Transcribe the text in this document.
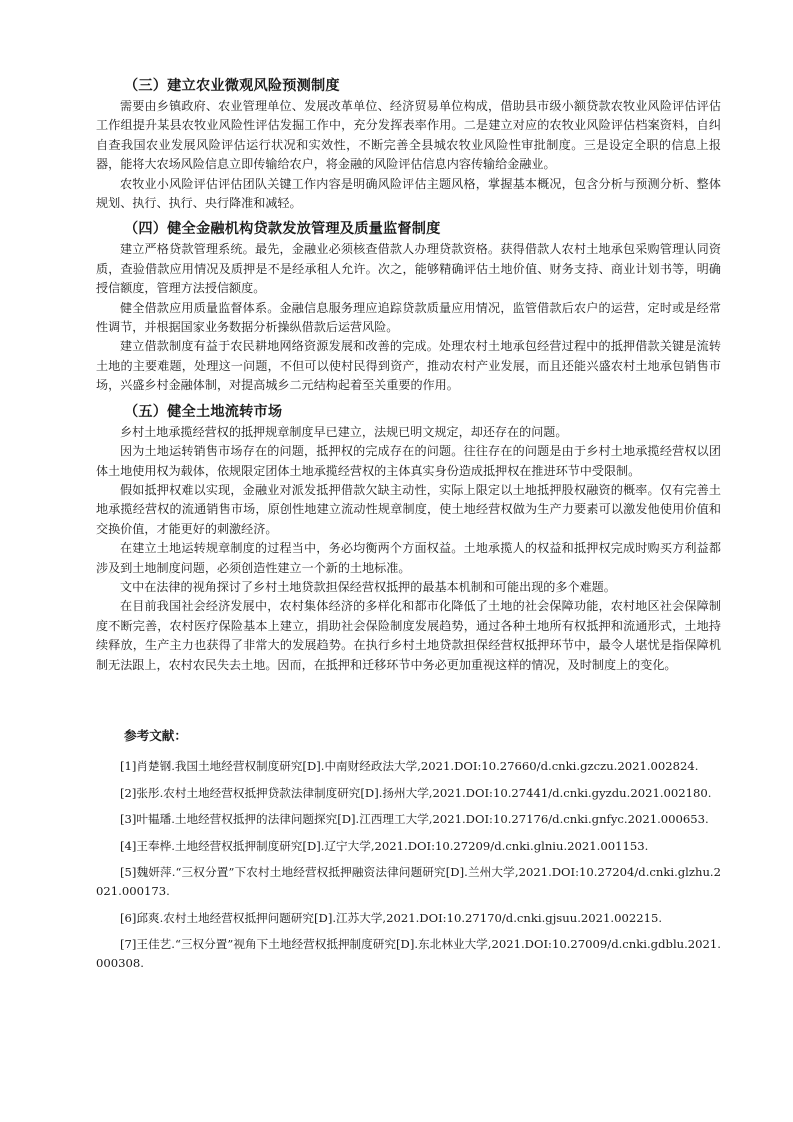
（三）建立农业微观风险预测制度

需要由乡镇政府、农业管理单位、发展改革单位、经济贸易单位构成，借助县市级小额贷款农牧业风险评估评估工作组提升某县农牧业风险性评估发掘工作中，充分发挥表率作用。二是建立对应的农牧业风险评估档案资料，自纠自查我国农业发展风险评估运行状况和实效性，不断完善全县城农牧业风险性审批制度。三是设定全职的信息上报器，能将大农场风险信息立即传输给农户，将金融的风险评估信息内容传输给金融业。

农牧业小风险评估评估团队关键工作内容是明确风险评估主题风格，掌握基本概况，包含分析与预测分析、整体规划、执行、执行、央行降准和减轻。

（四）健全金融机构贷款发放管理及质量监督制度

建立严格贷款管理系统。最先，金融业必须核查借款人办理贷款资格。获得借款人农村土地承包采购管理认同资质，查验借款应用情况及质押是不是经承租人允许。次之，能够精确评估土地价值、财务支持、商业计划书等，明确授信额度，管理方法授信额度。

健全借款应用质量监督体系。金融信息服务理应追踪贷款质量应用情况，监管借款后农户的运营，定时或是经常性调节，并根据国家业务数据分析操纵借款后运营风险。

建立借款制度有益于农民耕地网络资源发展和改善的完成。处理农村土地承包经营过程中的抵押借款关键是流转土地的主要难题，处理这一问题，不但可以使村民得到资产，推动农村产业发展，而且还能兴盛农村土地承包销售市场，兴盛乡村金融体制，对提高城乡二元结构起着至关重要的作用。

（五）健全土地流转市场

乡村土地承揽经营权的抵押规章制度早已建立，法规已明文规定，却还存在的问题。

因为土地运转销售市场存在的问题，抵押权的完成存在的问题。往往存在的问题是由于乡村土地承揽经营权以团体土地使用权为载体，依规限定团体土地承揽经营权的主体真实身份造成抵押权在推进环节中受限制。

假如抵押权难以实现，金融业对派发抵押借款欠缺主动性，实际上限定以土地抵押股权融资的概率。仅有完善土地承揽经营权的流通销售市场，原创性地建立流动性规章制度，使土地经营权做为生产力要素可以激发他使用价值和交换价值，才能更好的刺激经济。

在建立土地运转规章制度的过程当中，务必均衡两个方面权益。土地承揽人的权益和抵押权完成时购买方利益都涉及到土地制度问题，必须创造性建立一个新的土地标准。

文中在法律的视角探讨了乡村土地贷款担保经营权抵押的最基本机制和可能出现的多个难题。

在目前我国社会经济发展中，农村集体经济的多样化和都市化降低了土地的社会保障功能，农村地区社会保障制度不断完善，农村医疗保险基本上建立，捐助社会保险制度发展趋势，通过各种土地所有权抵押和流通形式，土地持续释放，生产主力也获得了非常大的发展趋势。在执行乡村土地贷款担保经营权抵押环节中，最令人堪忧是指保障机制无法跟上，农村农民失去土地。因而，在抵押和迁移环节中务必更加重视这样的情况，及时制度上的变化。

参考文献：
[1]肖楚钢.我国土地经营权制度研究[D].中南财经政法大学,2021.DOI:10.27660/d.cnki.gzczu.2021.002824.
[2]张彤.农村土地经营权抵押贷款法律制度研究[D].扬州大学,2021.DOI:10.27441/d.cnki.gyzdu.2021.002180.
[3]叶韫璠.土地经营权抵押的法律问题探究[D].江西理工大学,2021.DOI:10.27176/d.cnki.gnfyc.2021.000653.
[4]王奉桦.土地经营权抵押制度研究[D].辽宁大学,2021.DOI:10.27209/d.cnki.glniu.2021.001153.
[5]魏妍萍.“三权分置”下农村土地经营权抵押融资法律问题研究[D].兰州大学,2021.DOI:10.27204/d.cnki.glzhu.2021.000173.
[6]邱爽.农村土地经营权抵押问题研究[D].江苏大学,2021.DOI:10.27170/d.cnki.gjsuu.2021.002215.
[7]王佳艺.“三权分置”视角下土地经营权抵押制度研究[D].东北林业大学,2021.DOI:10.27009/d.cnki.gdblu.2021.000308.
